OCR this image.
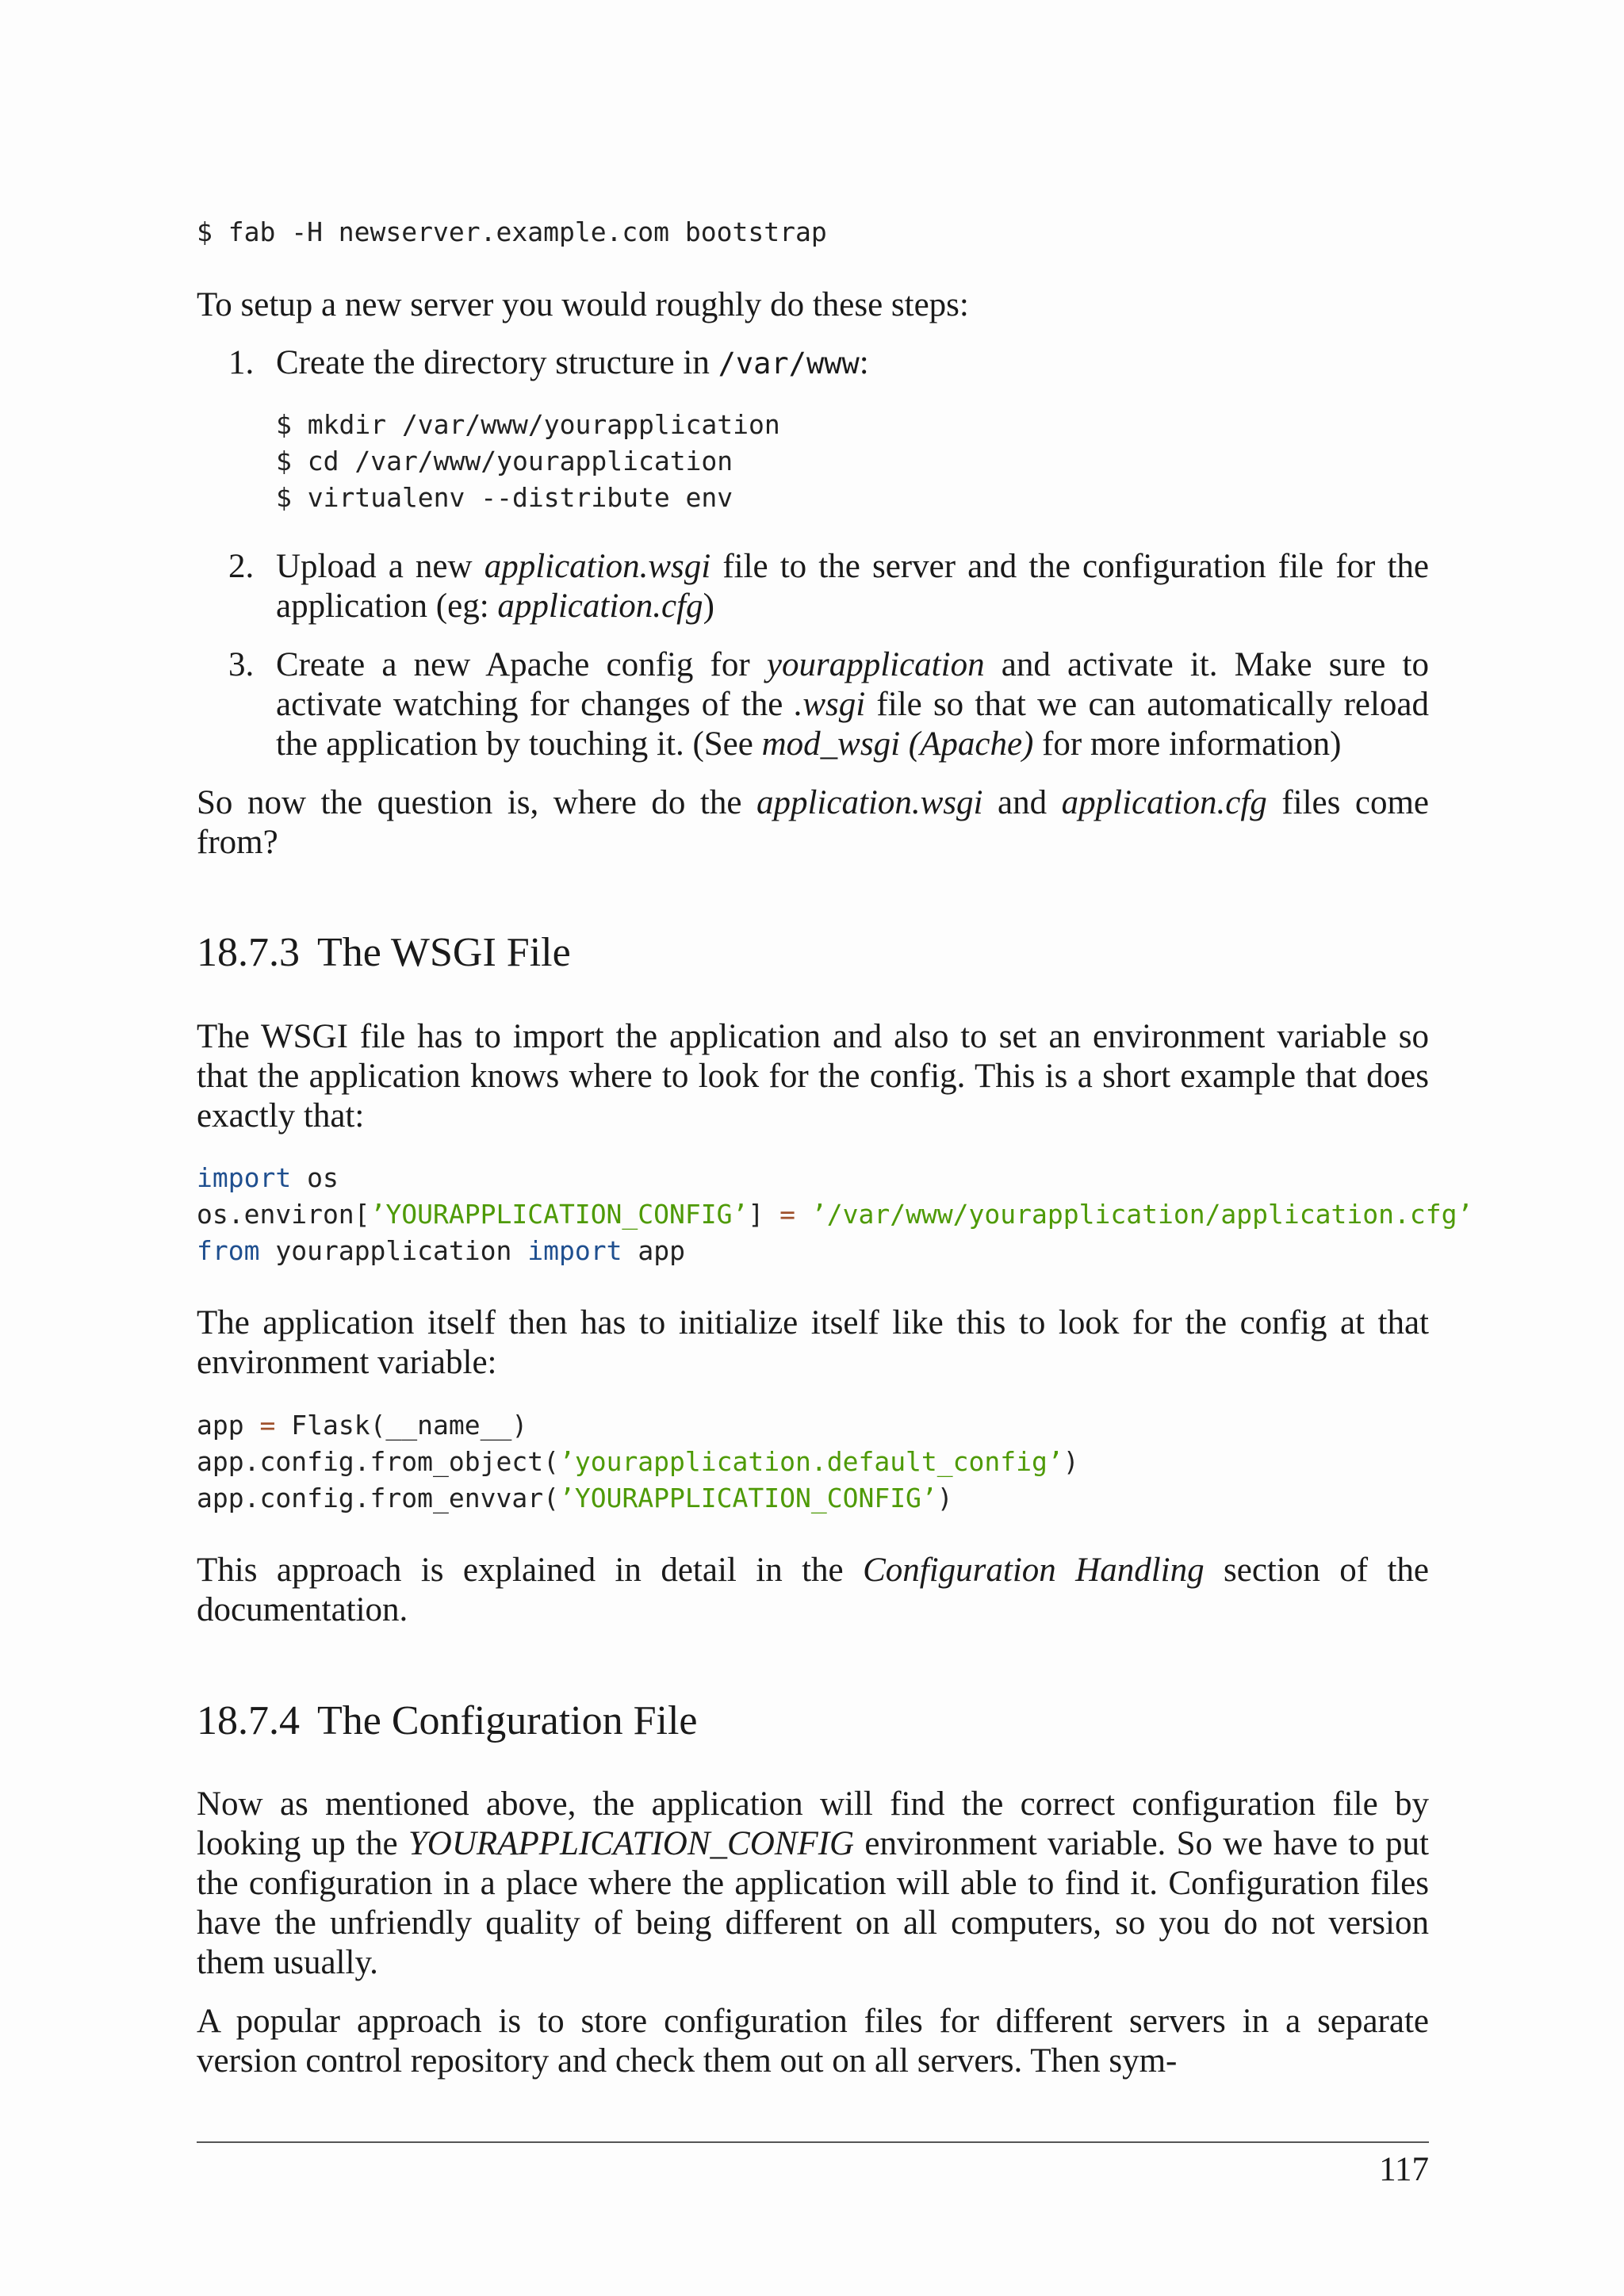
$ fab -H newserver.example.com bootstrap

To setup a new server you would roughly do these steps:

1. Create the directory structure in /var/www:
$ mkdir /var/www/yourapplication
$ cd /var/www/yourapplication
$ virtualenv --distribute env
2. Upload a new application.wsgi file to the server and the configuration file for the application (eg: application.cfg)
3. Create a new Apache config for yourapplication and activate it. Make sure to activate watching for changes of the .wsgi file so that we can automatically reload the application by touching it. (See mod_wsgi (Apache) for more information)

So now the question is, where do the application.wsgi and application.cfg files come from?

18.7.3 The WSGI File

The WSGI file has to import the application and also to set an environment variable so that the application knows where to look for the config. This is a short example that does exactly that:

import os
os.environ[’YOURAPPLICATION_CONFIG’] = ’/var/www/yourapplication/application.cfg’
from yourapplication import app

The application itself then has to initialize itself like this to look for the config at that environment variable:

app = Flask(__name__)
app.config.from_object(’yourapplication.default_config’)
app.config.from_envvar(’YOURAPPLICATION_CONFIG’)

This approach is explained in detail in the Configuration Handling section of the documentation.

18.7.4 The Configuration File

Now as mentioned above, the application will find the correct configuration file by looking up the YOURAPPLICATION_CONFIG environment variable. So we have to put the configuration in a place where the application will able to find it. Configuration files have the unfriendly quality of being different on all computers, so you do not version them usually.

A popular approach is to store configuration files for different servers in a separate version control repository and check them out on all servers. Then sym-

117
